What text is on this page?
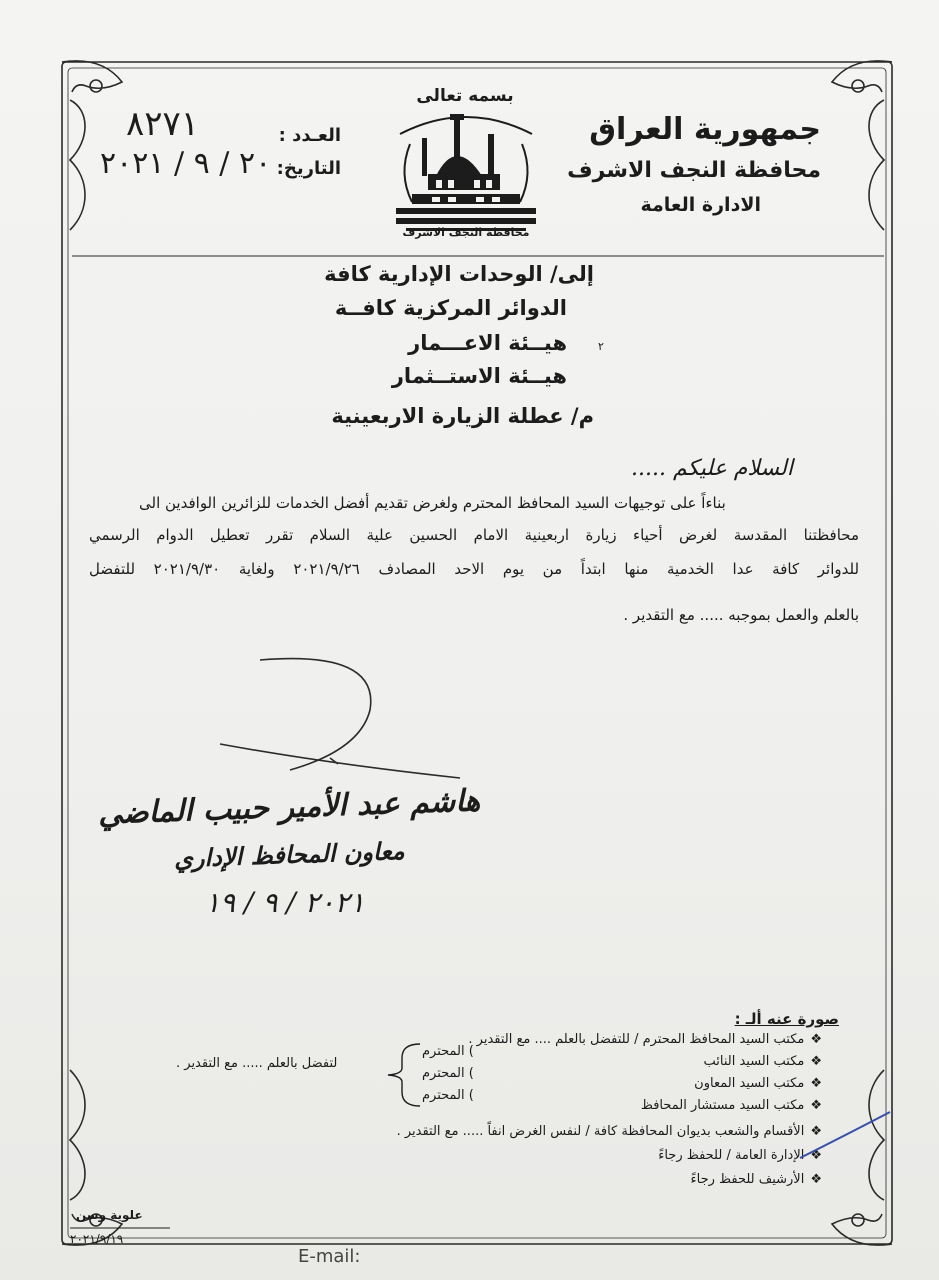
بسمه تعالى
جمهورية العراق
محافظة النجف الاشرف
الادارة العامة
محافظة النجف الاشرف
العـدد :
٨٢٧١
التاريخ:
٢٠ / ٩ / ٢٠٢١
إلى/ الوحدات الإدارية كافة
الدوائر المركزية كافــة
هيــئة الاعـــمار
هيــئة الاستــثمار
٢
م/ عطلة الزيارة الاربعينية
السلام عليكم .....
بناءاً على توجيهات السيد المحافظ المحترم ولغرض تقديم أفضل الخدمات للزائرين الوافدين الى
محافظتنا المقدسة لغرض أحياء زيارة اربعينية الامام الحسين علية السلام تقرر تعطيل الدوام الرسمي
للدوائر كافة عدا الخدمية منها ابتداً من يوم الاحد المصادف ٢٠٢١/٩/٢٦ ولغاية ٢٠٢١/٩/٣٠ للتفضل
بالعلم والعمل بموجبه ..... مع التقدير .
هاشم عبد الأمير حبيب الماضي
معاون المحافظ الإداري
٢٠٢١ / ٩ / ١٩
صورة عنه ألـ :
❖مكتب السيد المحافظ المحترم / للتفضل بالعلم .... مع التقدير .
❖مكتب السيد النائب
❖مكتب السيد المعاون
❖مكتب السيد مستشار المحافظ
❖الأقسام والشعب بديوان المحافظة كافة / لنفس الغرض انفاً ..... مع التقدير .
❖الإدارة العامة / للحفظ رجاءً
❖الأرشيف للحفظ رجاءً
) المحترم
) المحترم
) المحترم
لتفضل بالعلم ..... مع التقدير .
علوية وسن
٢٠٢١/٩/١٩
E-mail:
